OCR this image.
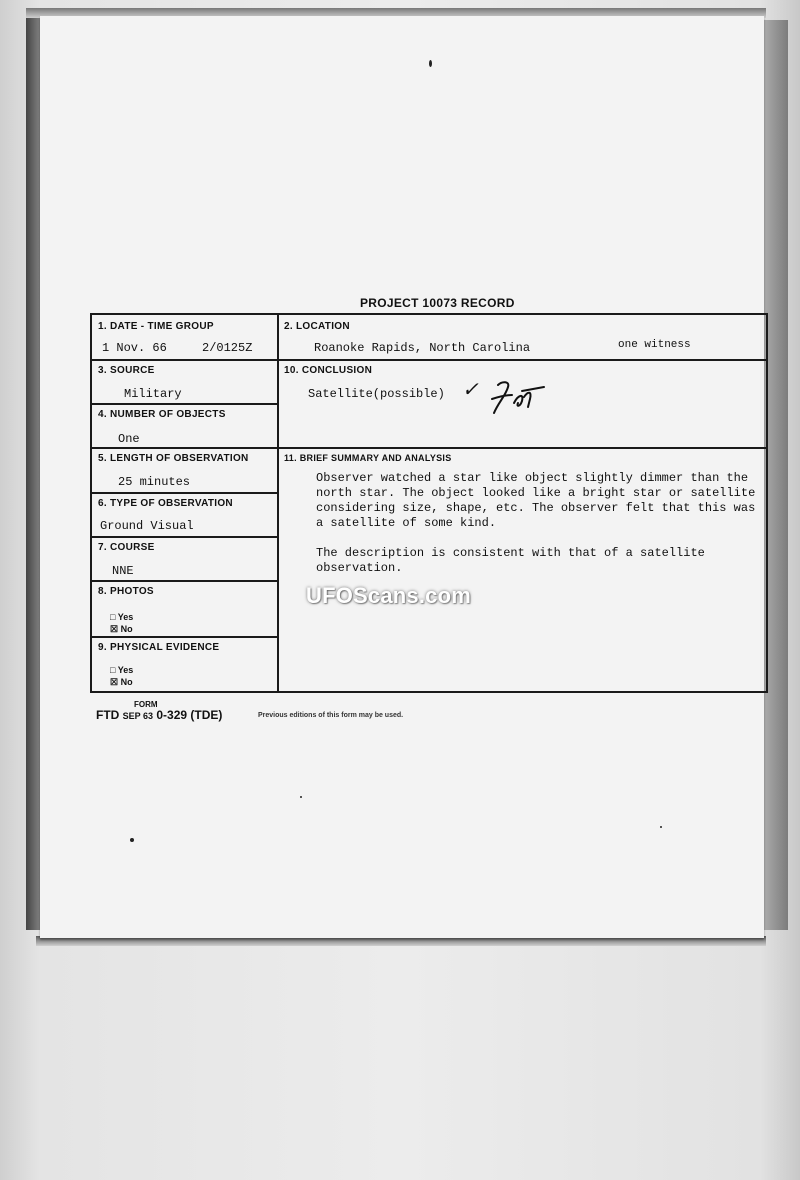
PROJECT 10073 RECORD
1. DATE - TIME GROUP
1 Nov. 66	2/0125Z
2. LOCATION
Roanoke Rapids, North Carolina	one witness
3. SOURCE
Military
10. CONCLUSION
Satellite(possible) ✓
4. NUMBER OF OBJECTS
One
5. LENGTH OF OBSERVATION
25 minutes
11. BRIEF SUMMARY AND ANALYSIS

Observer watched a star like object slightly dimmer than the north star. The object looked like a bright star or satellite considering size, shape, etc. The observer felt that this was a satellite of some kind.

The description is consistent with that of a satellite observation.

6. TYPE OF OBSERVATION
Ground Visual
7. COURSE
NNE
8. PHOTOS
□ Yes
☒ No
9. PHYSICAL EVIDENCE
□ Yes
☒ No
FORM
FTD SEP 63 0-329 (TDE)	Previous editions of this form may be used.
UFOScans.com
